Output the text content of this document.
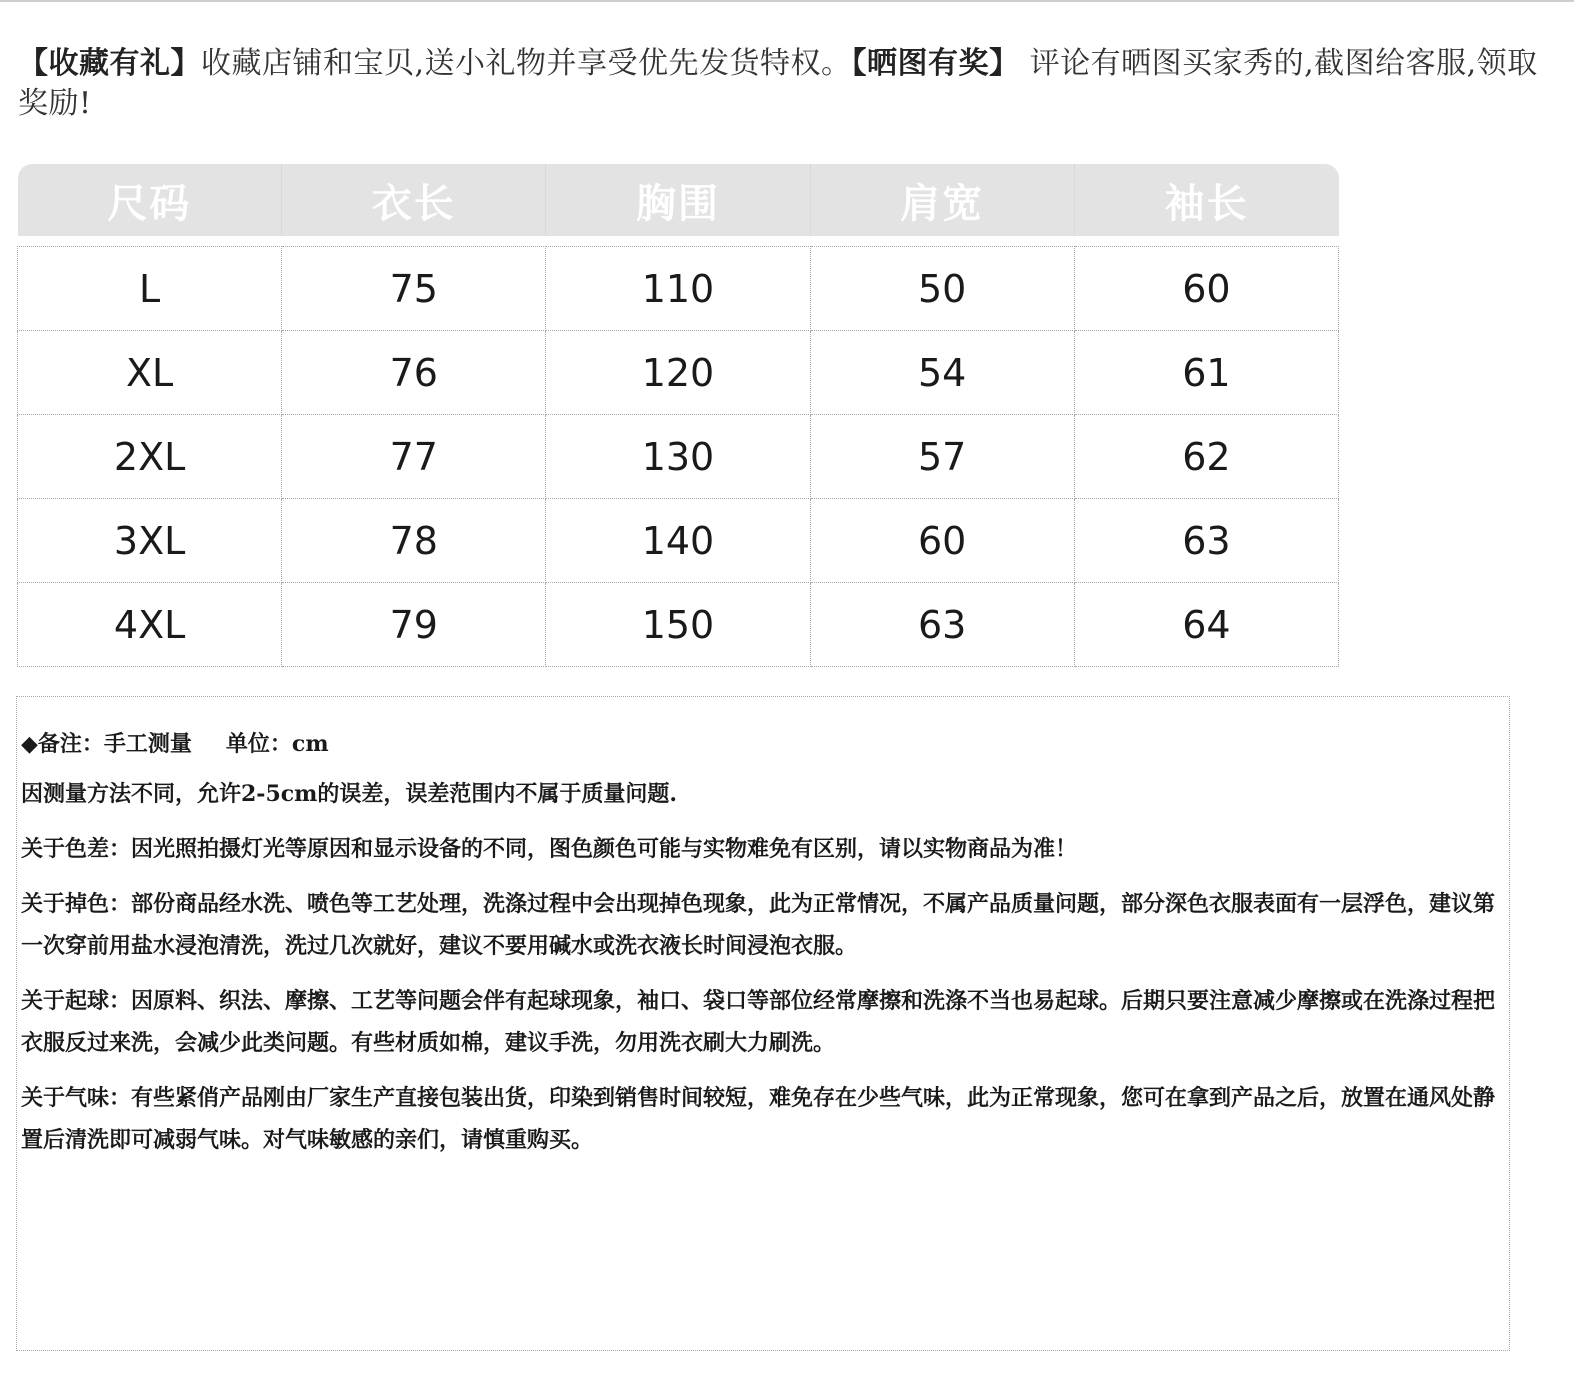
【收藏有礼】收藏店铺和宝贝,送小礼物并享受优先发货特权。【晒图有奖】 评论有晒图买家秀的,截图给客服,领取奖励!
尺码	衣长	胸围	肩宽	袖长

L	75	110	50	60
XL	76	120	54	61
2XL	77	130	57	62
3XL	78	140	60	63
4XL	79	150	63	64

◆备注：手工测量 单位：cm

因测量方法不同，允许2-5cm的误差，误差范围内不属于质量问题.

关于色差：因光照拍摄灯光等原因和显示设备的不同，图色颜色可能与实物难免有区别，请以实物商品为准！

关于掉色：部份商品经水洗、喷色等工艺处理，洗涤过程中会出现掉色现象，此为正常情况，不属产品质量问题，部分深色衣服表面有一层浮色，建议第一次穿前用盐水浸泡清洗，洗过几次就好，建议不要用碱水或洗衣液长时间浸泡衣服。

关于起球：因原料、织法、摩擦、工艺等问题会伴有起球现象，袖口、袋口等部位经常摩擦和洗涤不当也易起球。后期只要注意减少摩擦或在洗涤过程把衣服反过来洗，会减少此类问题。有些材质如棉，建议手洗，勿用洗衣刷大力刷洗。

关于气味：有些紧俏产品刚由厂家生产直接包装出货，印染到销售时间较短，难免存在少些气味，此为正常现象，您可在拿到产品之后，放置在通风处静置后清洗即可减弱气味。对气味敏感的亲们，请慎重购买。
